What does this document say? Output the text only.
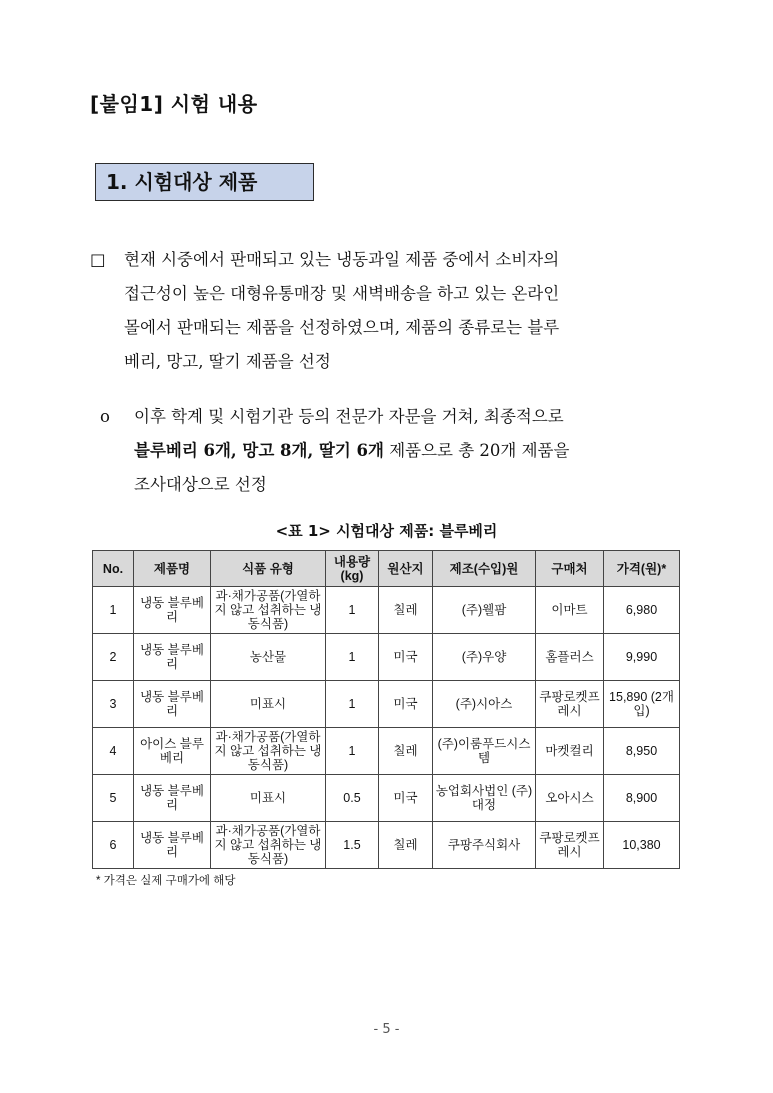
[붙임1] 시험 내용
1. 시험대상 제품
□	현재 시중에서 판매되고 있는 냉동과일 제품 중에서 소비자의
접근성이 높은 대형유통매장 및 새벽배송을 하고 있는 온라인
몰에서 판매되는 제품을 선정하였으며, 제품의 종류로는 블루
베리, 망고, 딸기 제품을 선정
o	이후 학계 및 시험기관 등의 전문가 자문을 거쳐, 최종적으로
블루베리 6개, 망고 8개, 딸기 6개 제품으로 총 20개 제품을
조사대상으로 선정
<표 1> 시험대상 제품: 블루베리
No.	제품명	식품 유형	내용량 (kg)	원산지	제조(수입)원	구매처	가격(원)*
1	냉동 블루베리	과·채가공품(가열하지 않고 섭취하는 냉동식품)	1	칠레	(주)웰팜	이마트	6,980
2	냉동 블루베리	농산물	1	미국	(주)우양	홈플러스	9,990
3	냉동 블루베리	미표시	1	미국	(주)시아스	쿠팡로켓프레시	15,890 (2개입)
4	아이스 블루베리	과·채가공품(가열하지 않고 섭취하는 냉동식품)	1	칠레	(주)이룸푸드시스템	마켓컬리	8,950
5	냉동 블루베리	미표시	0.5	미국	농업회사법인 (주)대정	오아시스	8,900
6	냉동 블루베리	과·채가공품(가열하지 않고 섭취하는 냉동식품)	1.5	칠레	쿠팡주식회사	쿠팡로켓프레시	10,380
* 가격은 실제 구매가에 해당
- 5 -
